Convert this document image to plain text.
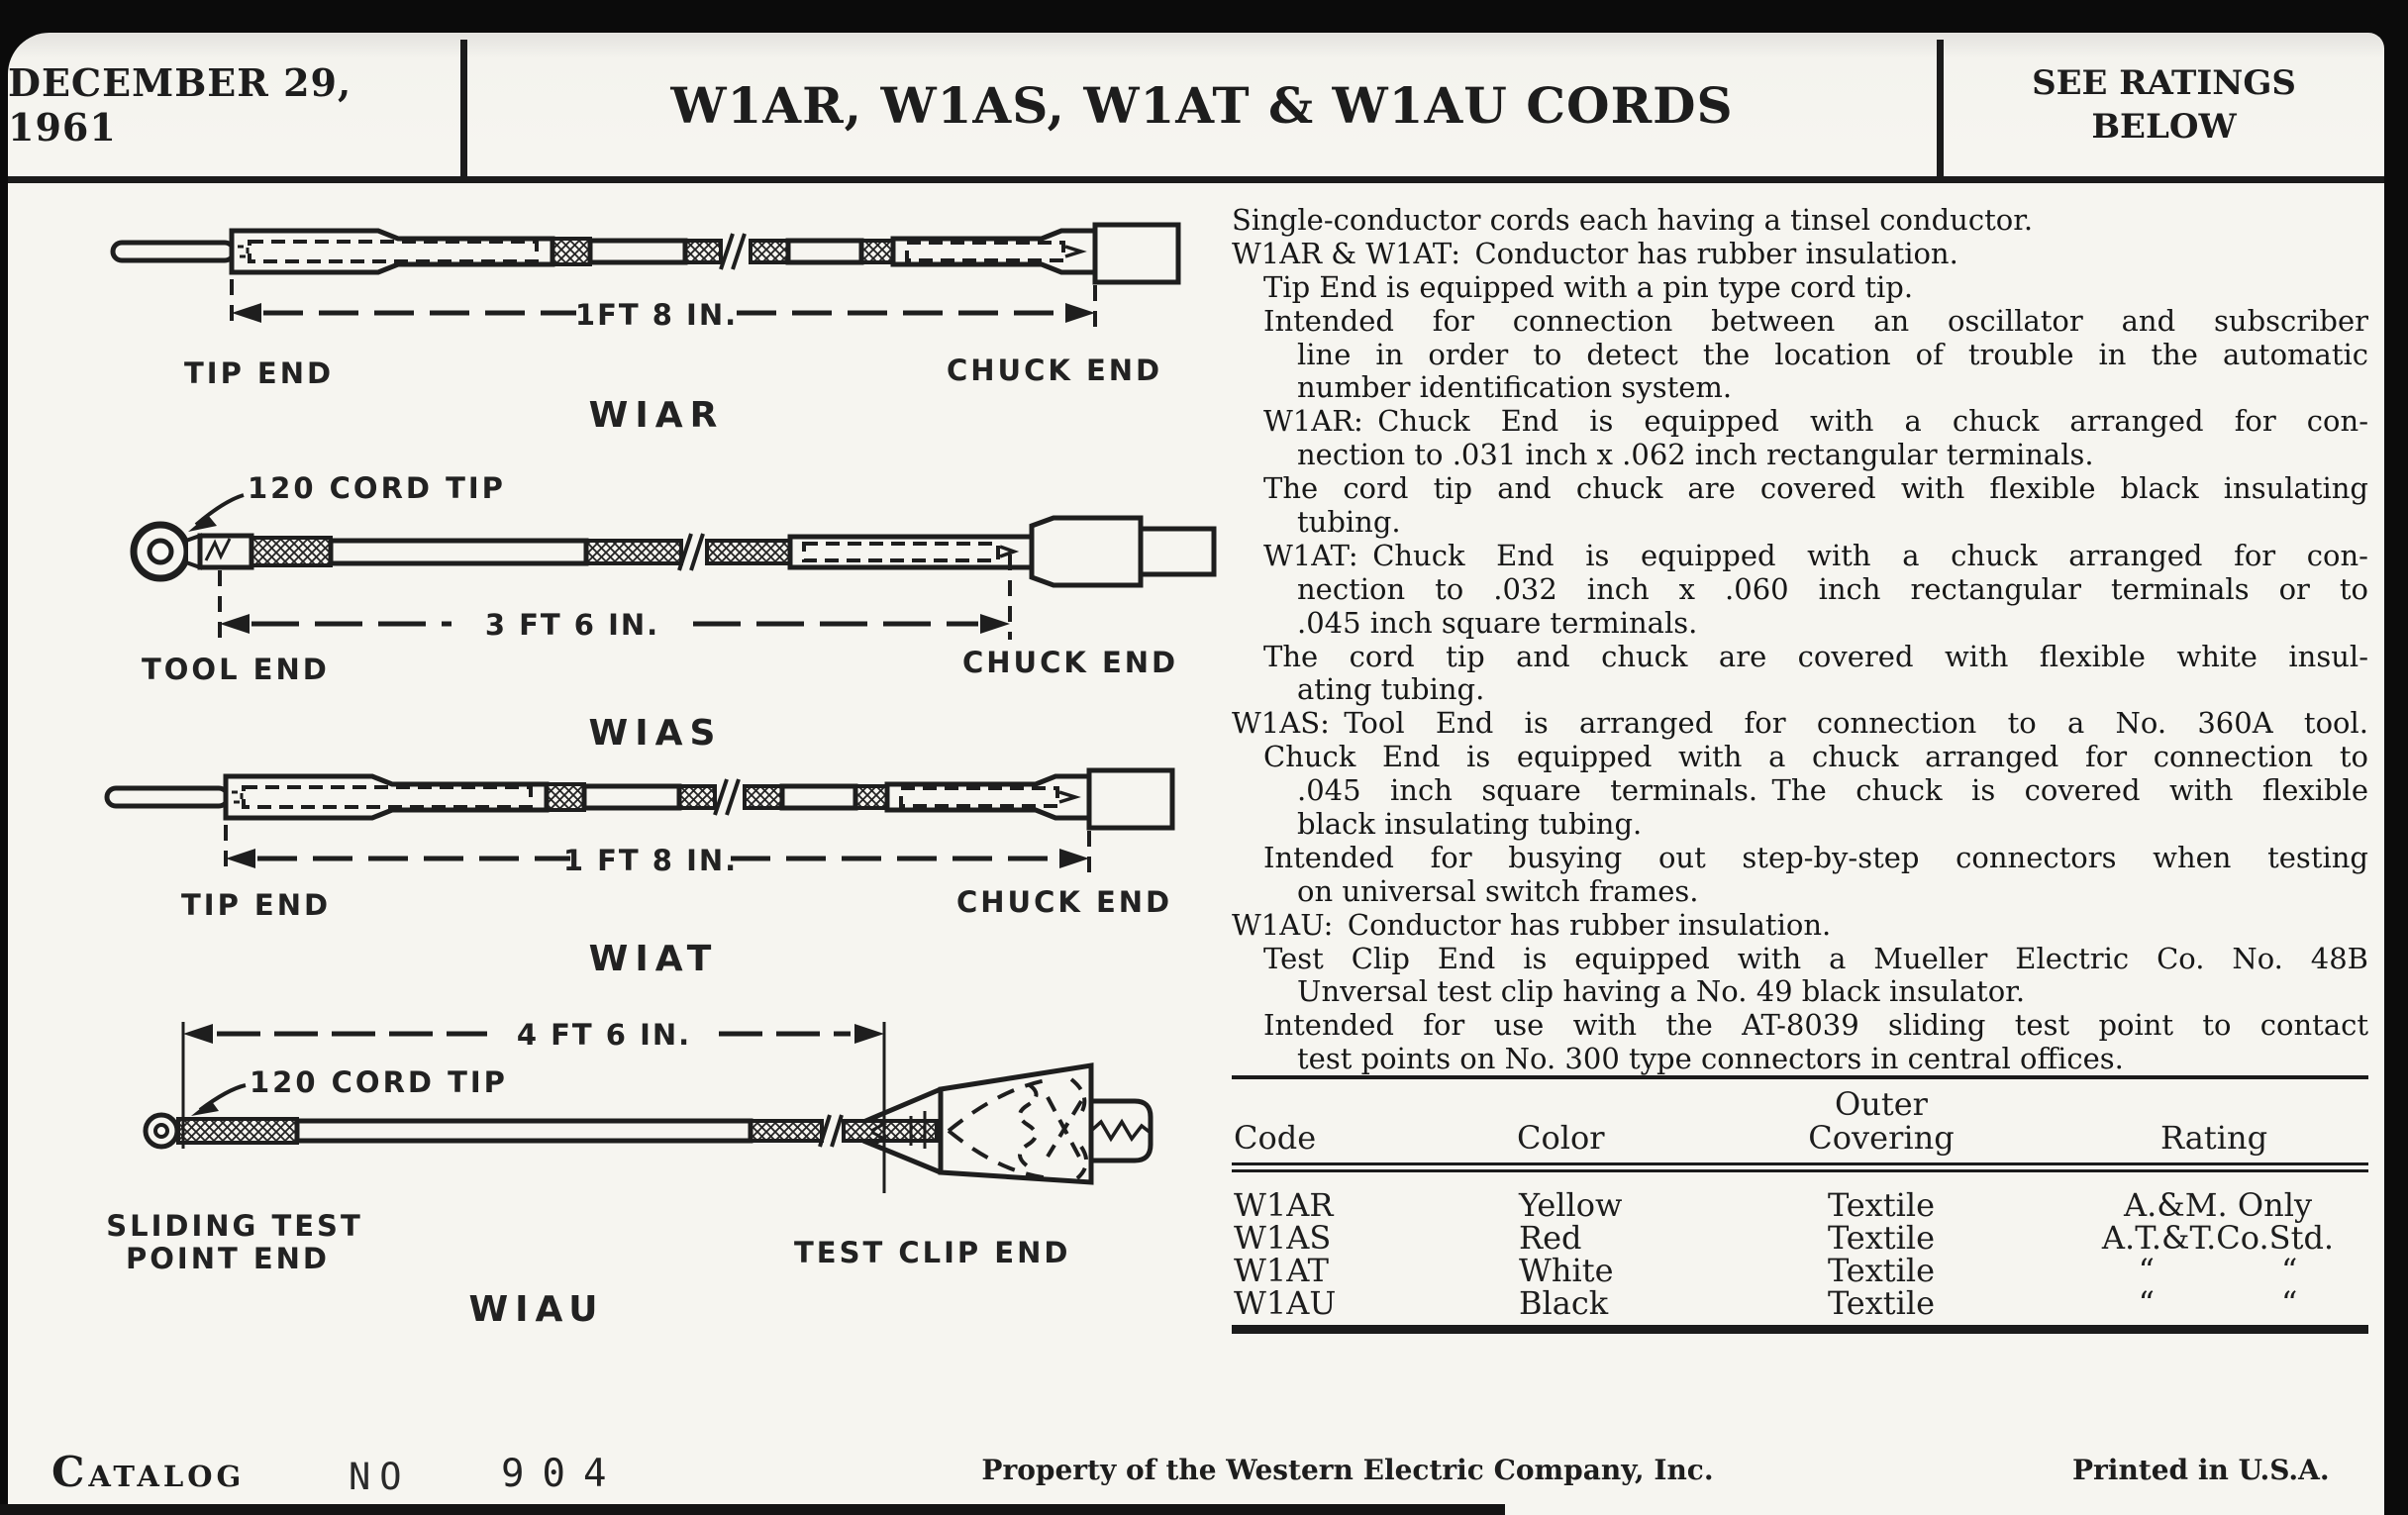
DECEMBER 29, 1961	W1AR, W1AS, W1AT & W1AU CORDS	SEE RATINGS
BELOW
1FT 8 IN.
TIP END	CHUCK END
WIAR
120 CORD TIP
3 FT 6 IN.
TOOL END	CHUCK END
WIAS
1 FT 8 IN.
TIP END	CHUCK END
WIAT
4 FT 6 IN.
120 CORD TIP
SLIDING TEST
POINT END	TEST CLIP END
WIAU
Single-conductor cords each having a tinsel conductor.
W1AR & W1AT: Conductor has rubber insulation.
Tip End is equipped with a pin type cord tip.
Intended for connection between an oscillator and subscriber
line in order to detect the location of trouble in the automatic
number identification system.
W1AR: Chuck End is equipped with a chuck arranged for con-
nection to .031 inch x .062 inch rectangular terminals.
The cord tip and chuck are covered with flexible black insulating
tubing.
W1AT: Chuck End is equipped with a chuck arranged for con-
nection to .032 inch x .060 inch rectangular terminals or to
.045 inch square terminals.
The cord tip and chuck are covered with flexible white insul-
ating tubing.
W1AS: Tool End is arranged for connection to a No. 360A tool.
Chuck End is equipped with a chuck arranged for connection to
.045 inch square terminals. The chuck is covered with flexible
black insulating tubing.
Intended for busying out step-by-step connectors when testing
on universal switch frames.
W1AU: Conductor has rubber insulation.
Test Clip End is equipped with a Mueller Electric Co. No. 48B
Unversal test clip having a No. 49 black insulator.
Intended for use with the AT-8039 sliding test point to contact
test points on No. 300 type connectors in central offices.
Outer
Code	Color	Covering	Rating
W1AR	Yellow	Textile	A.&M. Only
W1AS	Red	Textile	A.T.&T.Co.Std.
W1AT	White	Textile	“    “
W1AU	Black	Textile	“    “
Catalog	NO 904	Property of the Western Electric Company, Inc.	Printed in U.S.A.
